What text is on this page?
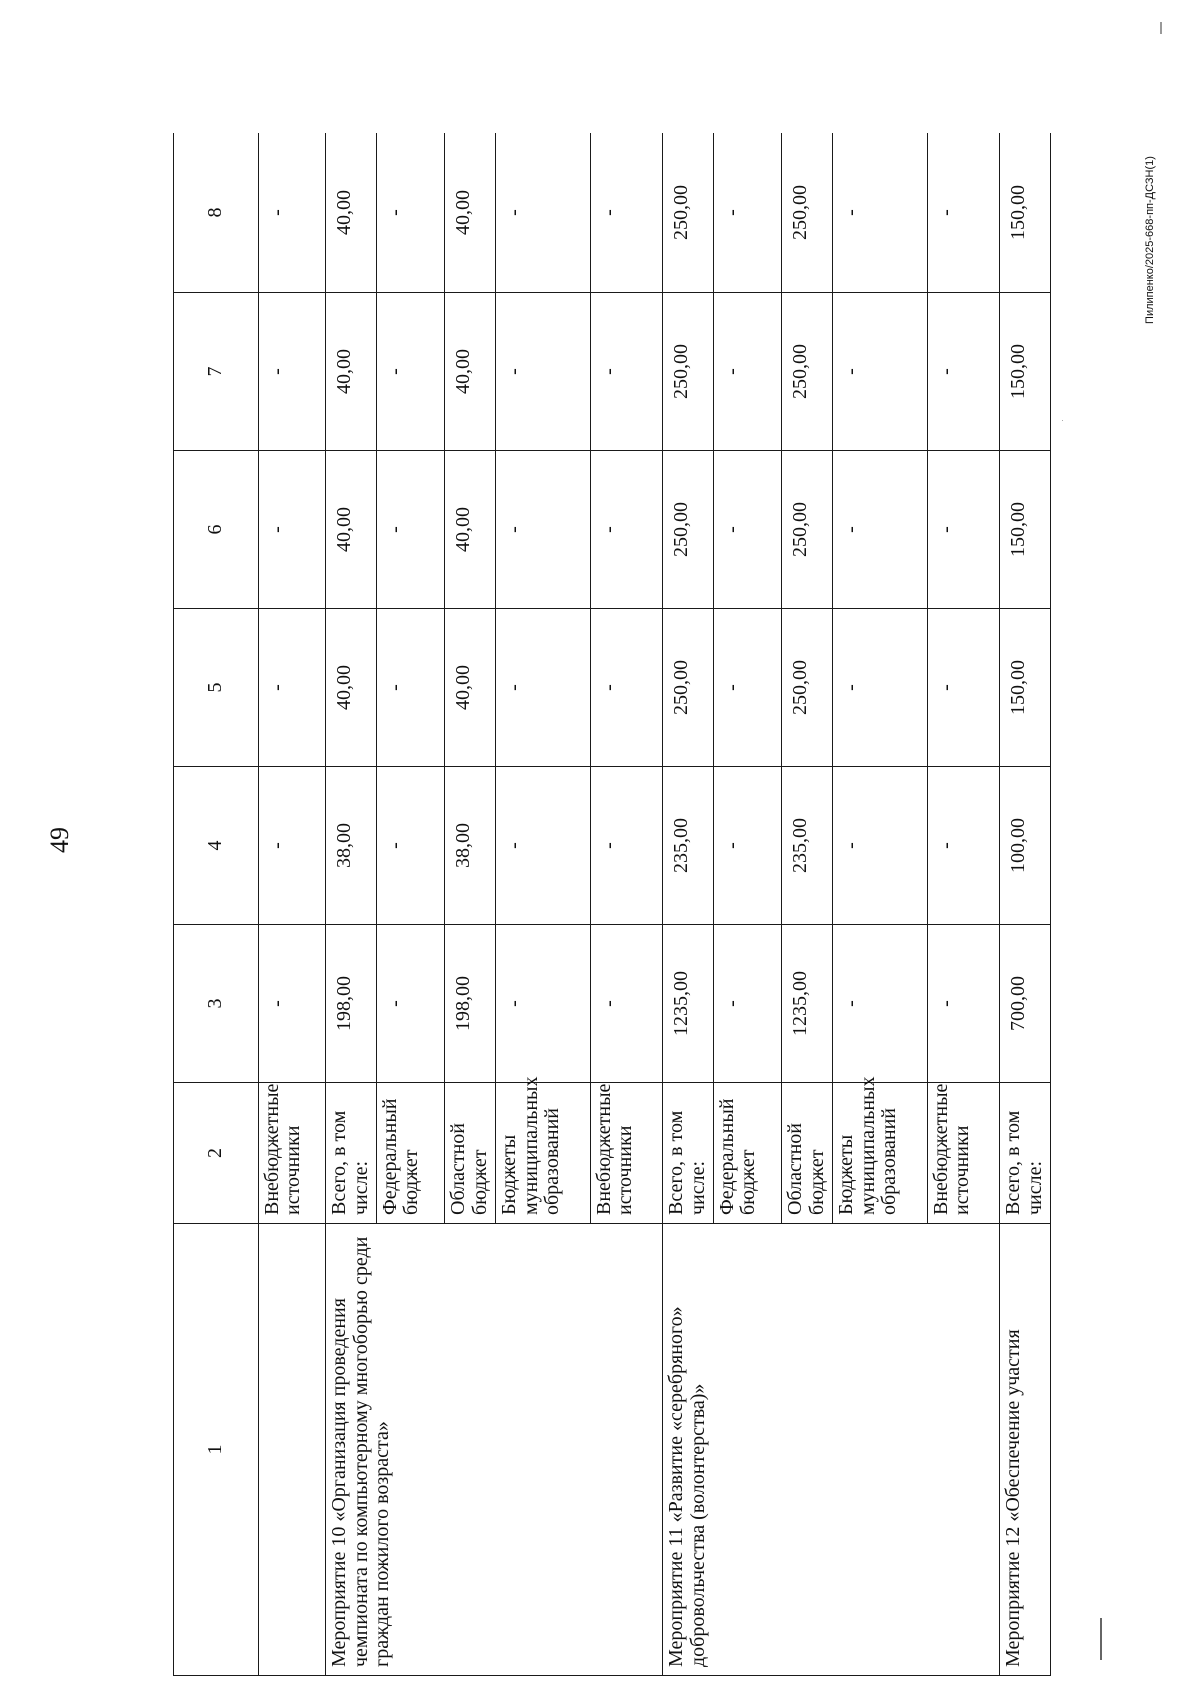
49
Пилипенко/2025-668-пп-ДСЗН(1)
1	2	3	4	5	6	7	8
	Внебюджетные источники	-	-	-	-	-	-
Мероприятие 10 «Организация проведения чемпионата по компьютерному многоборью среди граждан пожилого возраста»	Всего, в том числе:	198,00	38,00	40,00	40,00	40,00	40,00
	Федеральный бюджет	-	-	-	-	-	-
	Областной бюджет	198,00	38,00	40,00	40,00	40,00	40,00
	Бюджеты муниципальных образований	-	-	-	-	-	-
	Внебюджетные источники	-	-	-	-	-	-
Мероприятие 11 «Развитие «серебряного» добровольчества (волонтерства)»	Всего, в том числе:	1235,00	235,00	250,00	250,00	250,00	250,00
	Федеральный бюджет	-	-	-	-	-	-
	Областной бюджет	1235,00	235,00	250,00	250,00	250,00	250,00
	Бюджеты муниципальных образований	-	-	-	-	-	-
	Внебюджетные источники	-	-	-	-	-	-
Мероприятие 12 «Обеспечение участия	Всего, в том числе:	700,00	100,00	150,00	150,00	150,00	150,00
